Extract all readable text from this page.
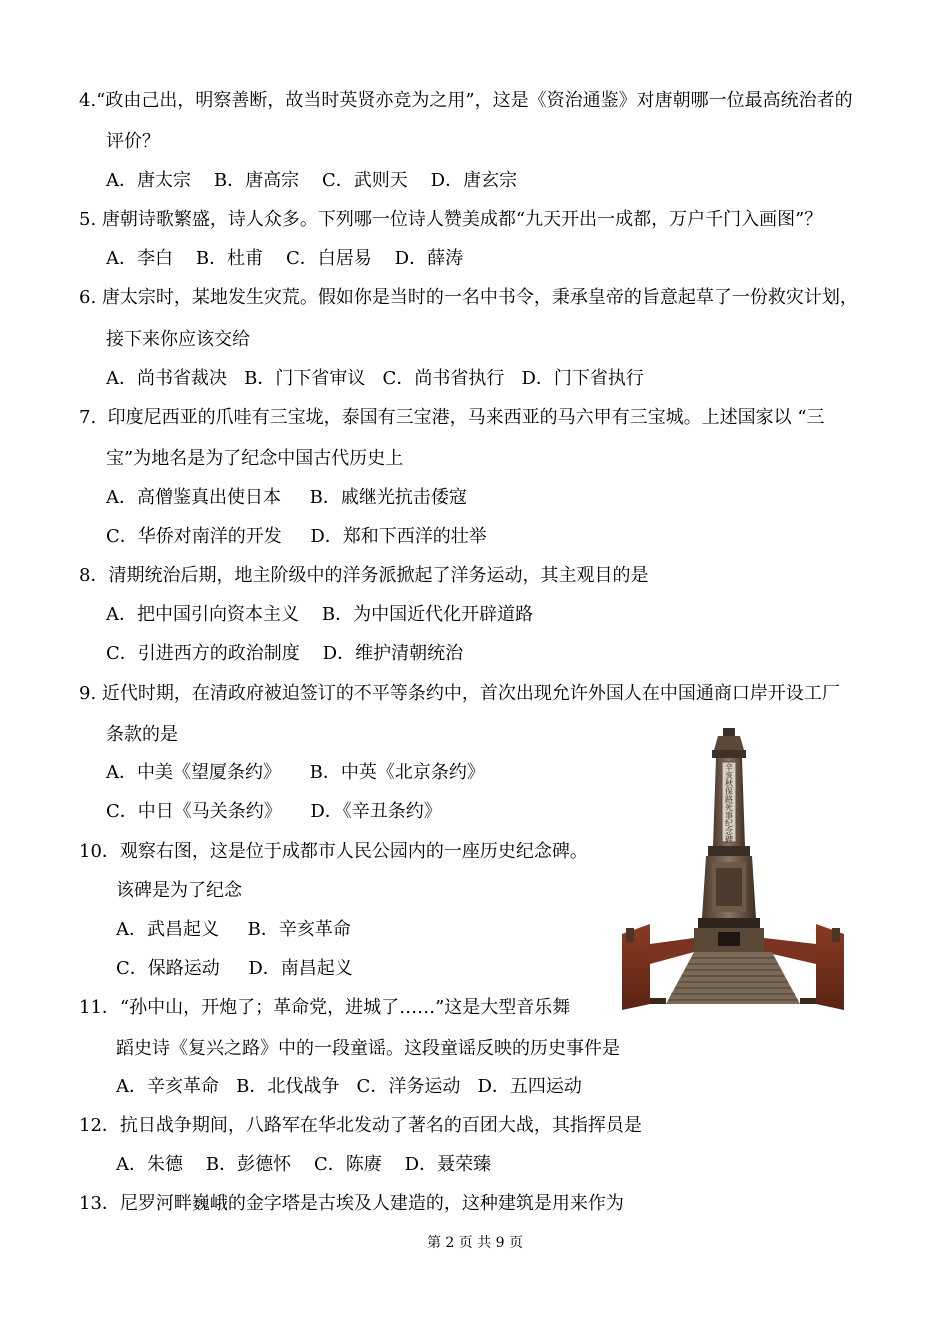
4.“政由己出，明察善断，故当时英贤亦竞为之用”，这是《资治通鉴》对唐朝哪一位最高统治者的
评价？
A．唐太宗    B．唐高宗    C．武则天    D．唐玄宗
5. 唐朝诗歌繁盛，诗人众多。下列哪一位诗人赞美成都“九天开出一成都，万户千门入画图”？
A．李白    B．杜甫    C．白居易    D．薛涛
6. 唐太宗时，某地发生灾荒。假如你是当时的一名中书令，秉承皇帝的旨意起草了一份救灾计划，
接下来你应该交给
A．尚书省裁决   B．门下省审议   C．尚书省执行   D．门下省执行
7.  印度尼西亚的爪哇有三宝垅，泰国有三宝港，马来西亚的马六甲有三宝城。上述国家以 “三
宝”为地名是为了纪念中国古代历史上
A．高僧鉴真出使日本     B．戚继光抗击倭寇
C．华侨对南洋的开发     D．郑和下西洋的壮举
8．清期统治后期，地主阶级中的洋务派掀起了洋务运动，其主观目的是
A．把中国引向资本主义    B．为中国近代化开辟道路
C．引进西方的政治制度    D．维护清朝统治
9. 近代时期，在清政府被迫签订的不平等条约中，首次出现允许外国人在中国通商口岸开设工厂
条款的是
A．中美《望厦条约》     B．中英《北京条约》
C．中日《马关条约》     D．《辛丑条约》
10．观察右图，这是位于成都市人民公园内的一座历史纪念碑。
该碑是为了纪念
A．武昌起义     B．辛亥革命
C．保路运动     D．南昌起义
11．“孙中山，开炮了；革命党，进城了……”这是大型音乐舞
蹈史诗《复兴之路》中的一段童谣。这段童谣反映的历史事件是
A．辛亥革命   B．北伐战争   C．洋务运动   D．五四运动
12．抗日战争期间，八路军在华北发动了著名的百团大战，其指挥员是
A．朱德    B．彭德怀    C．陈赓    D．聂荣臻
13．尼罗河畔巍峨的金字塔是古埃及人建造的，这种建筑是用来作为
辛亥秋保路死事纪念碑
第 2 页 共 9 页
